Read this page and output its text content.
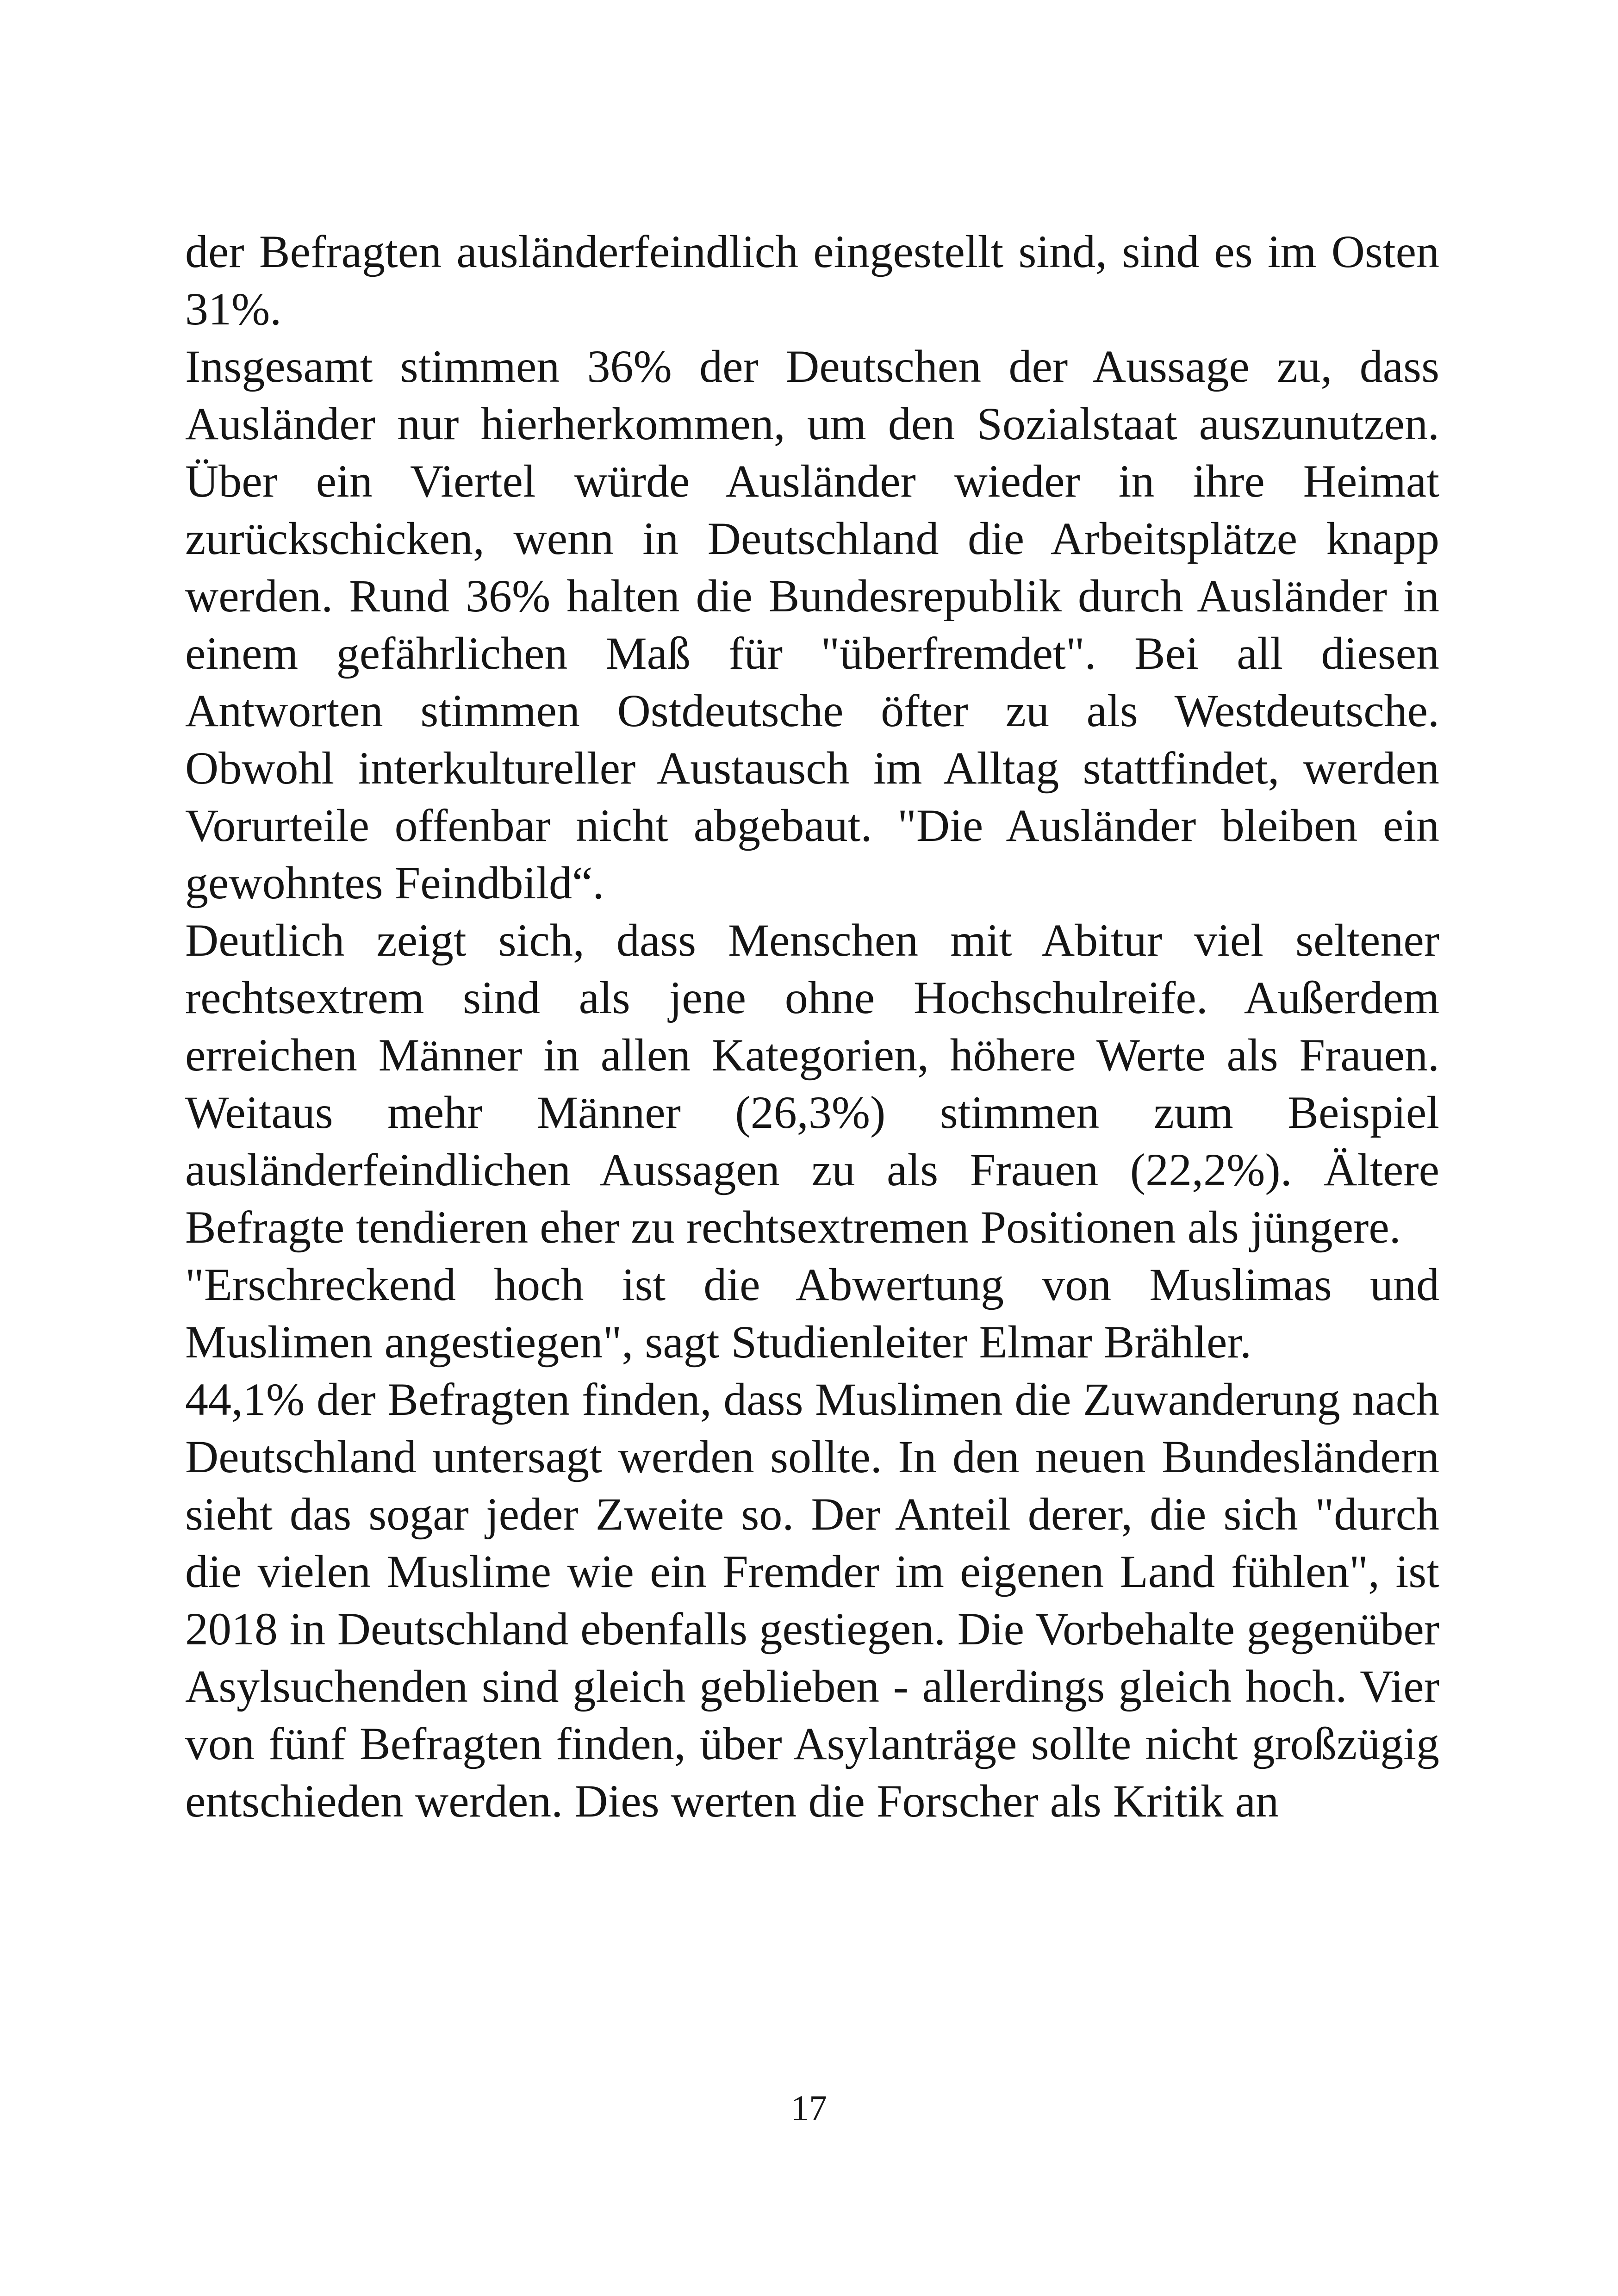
der Befragten ausländerfeindlich eingestellt sind, sind es im Osten 31%.

Insgesamt stimmen 36% der Deutschen der Aussage zu, dass Ausländer nur hierherkommen, um den Sozialstaat auszunutzen. Über ein Viertel würde Ausländer wieder in ihre Heimat zurückschicken, wenn in Deutschland die Arbeitsplätze knapp werden. Rund 36% halten die Bundesrepublik durch Ausländer in einem gefährlichen Maß für "überfremdet". Bei all diesen Antworten stimmen Ostdeutsche öfter zu als Westdeutsche. Obwohl interkultureller Austausch im Alltag stattfindet, werden Vorurteile offenbar nicht abgebaut. "Die Ausländer bleiben ein gewohntes Feindbild“.

Deutlich zeigt sich, dass Menschen mit Abitur viel seltener rechtsextrem sind als jene ohne Hochschulreife. Außerdem erreichen Männer in allen Kategorien, höhere Werte als Frauen. Weitaus mehr Männer (26,3%) stimmen zum Beispiel ausländerfeindlichen Aussagen zu als Frauen (22,2%). Ältere Befragte tendieren eher zu rechtsextremen Positionen als jüngere.

"Erschreckend hoch ist die Abwertung von Muslimas und Muslimen angestiegen", sagt Studienleiter Elmar Brähler.

44,1% der Befragten finden, dass Muslimen die Zuwanderung nach Deutschland untersagt werden sollte. In den neuen Bundesländern sieht das sogar jeder Zweite so. Der Anteil derer, die sich "durch die vielen Muslime wie ein Fremder im eigenen Land fühlen", ist 2018 in Deutschland ebenfalls gestiegen. Die Vorbehalte gegenüber Asylsuchenden sind gleich geblieben - allerdings gleich hoch. Vier von fünf Befragten finden, über Asylanträge sollte nicht großzügig entschieden werden. Dies werten die Forscher als Kritik an

17
